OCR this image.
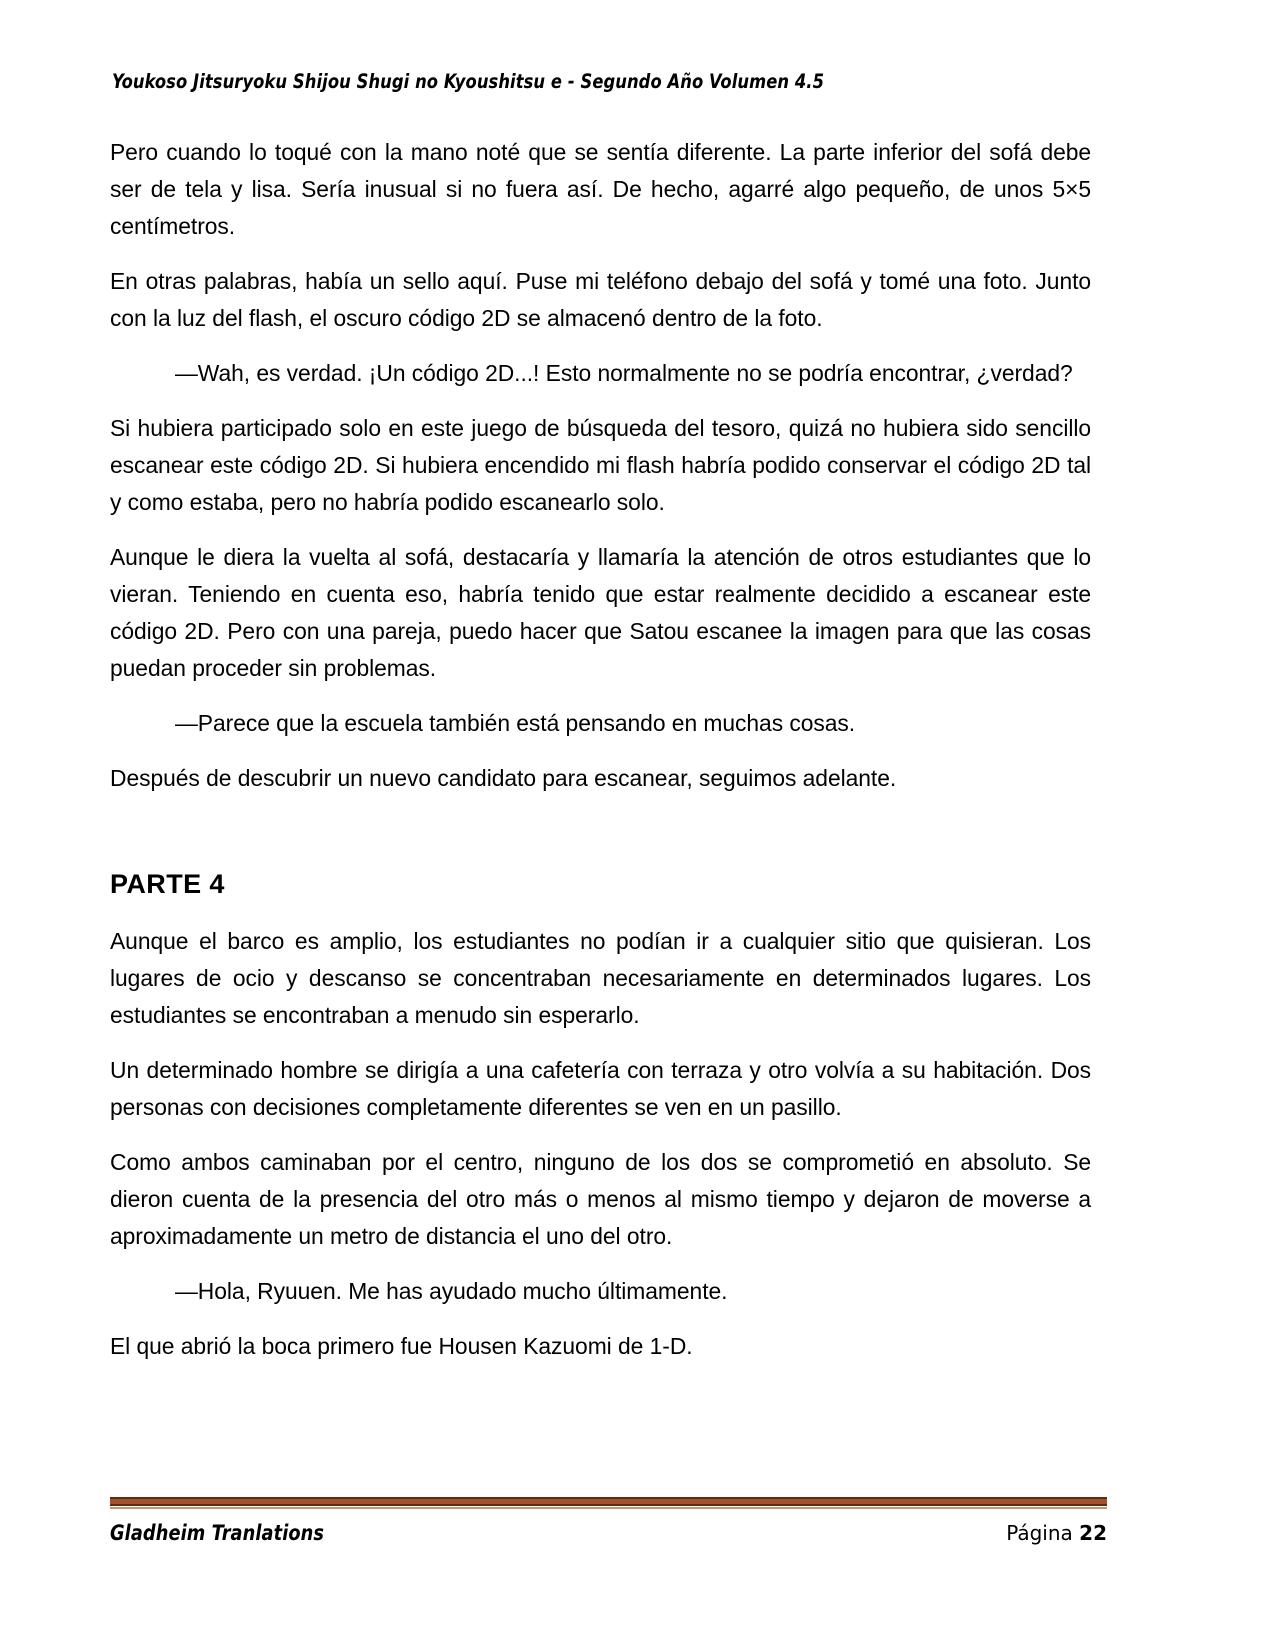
Youkoso Jitsuryoku Shijou Shugi no Kyoushitsu e - Segundo Año Volumen 4.5

Pero cuando lo toqué con la mano noté que se sentía diferente. La parte inferior del sofá debe ser de tela y lisa. Sería inusual si no fuera así. De hecho, agarré algo pequeño, de unos 5×5 centímetros.

En otras palabras, había un sello aquí. Puse mi teléfono debajo del sofá y tomé una foto. Junto con la luz del flash, el oscuro código 2D se almacenó dentro de la foto.

—Wah, es verdad. ¡Un código 2D...! Esto normalmente no se podría encontrar, ¿verdad?

Si hubiera participado solo en este juego de búsqueda del tesoro, quizá no hubiera sido sencillo escanear este código 2D. Si hubiera encendido mi flash habría podido conservar el código 2D tal y como estaba, pero no habría podido escanearlo solo.

Aunque le diera la vuelta al sofá, destacaría y llamaría la atención de otros estudiantes que lo vieran. Teniendo en cuenta eso, habría tenido que estar realmente decidido a escanear este código 2D. Pero con una pareja, puedo hacer que Satou escanee la imagen para que las cosas puedan proceder sin problemas.

—Parece que la escuela también está pensando en muchas cosas.

Después de descubrir un nuevo candidato para escanear, seguimos adelante.

PARTE 4

Aunque el barco es amplio, los estudiantes no podían ir a cualquier sitio que quisieran. Los lugares de ocio y descanso se concentraban necesariamente en determinados lugares. Los estudiantes se encontraban a menudo sin esperarlo.

Un determinado hombre se dirigía a una cafetería con terraza y otro volvía a su habitación. Dos personas con decisiones completamente diferentes se ven en un pasillo.

Como ambos caminaban por el centro, ninguno de los dos se comprometió en absoluto. Se dieron cuenta de la presencia del otro más o menos al mismo tiempo y dejaron de moverse a aproximadamente un metro de distancia el uno del otro.

—Hola, Ryuuen. Me has ayudado mucho últimamente.

El que abrió la boca primero fue Housen Kazuomi de 1-D.

Gladheim Tranlations	Página 22
